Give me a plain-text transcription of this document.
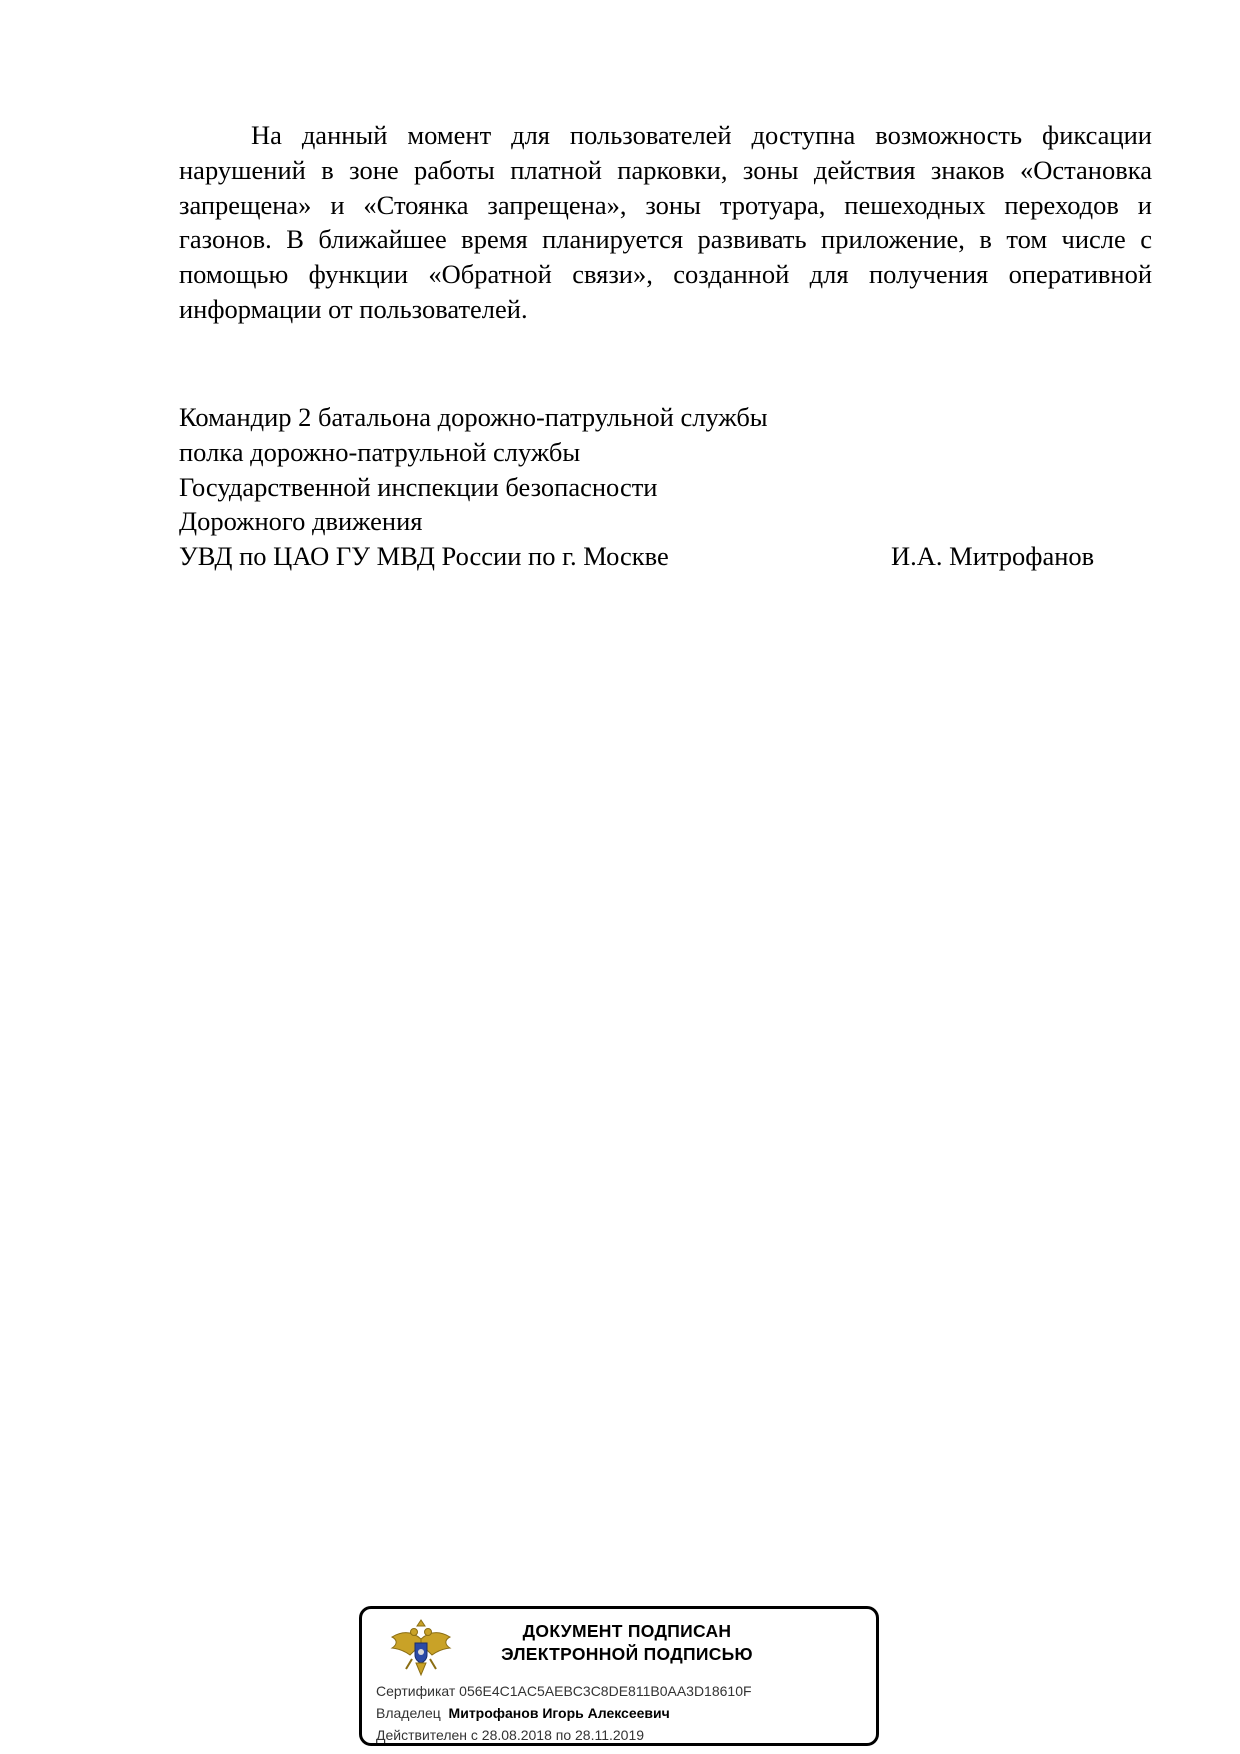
На данный момент для пользователей доступна возможность фиксации нарушений в зоне работы платной парковки, зоны действия знаков «Остановка запрещена» и «Стоянка запрещена», зоны тротуара, пешеходных переходов и газонов. В ближайшее время планируется развивать приложение, в том числе с помощью функции «Обратной связи», созданной для получения оперативной информации от пользователей.

Командир 2 батальона дорожно-патрульной службы
полка дорожно-патрульной службы
Государственной инспекции безопасности
Дорожного движения
УВД по ЦАО ГУ МВД России по г. Москве	И.А. Митрофанов
ДОКУМЕНТ ПОДПИСАН
ЭЛЕКТРОННОЙ ПОДПИСЬЮ
Сертификат 056E4C1AC5AEBC3C8DE811B0AA3D18610F
Владелец Митрофанов Игорь Алексеевич
Действителен с 28.08.2018 по 28.11.2019
